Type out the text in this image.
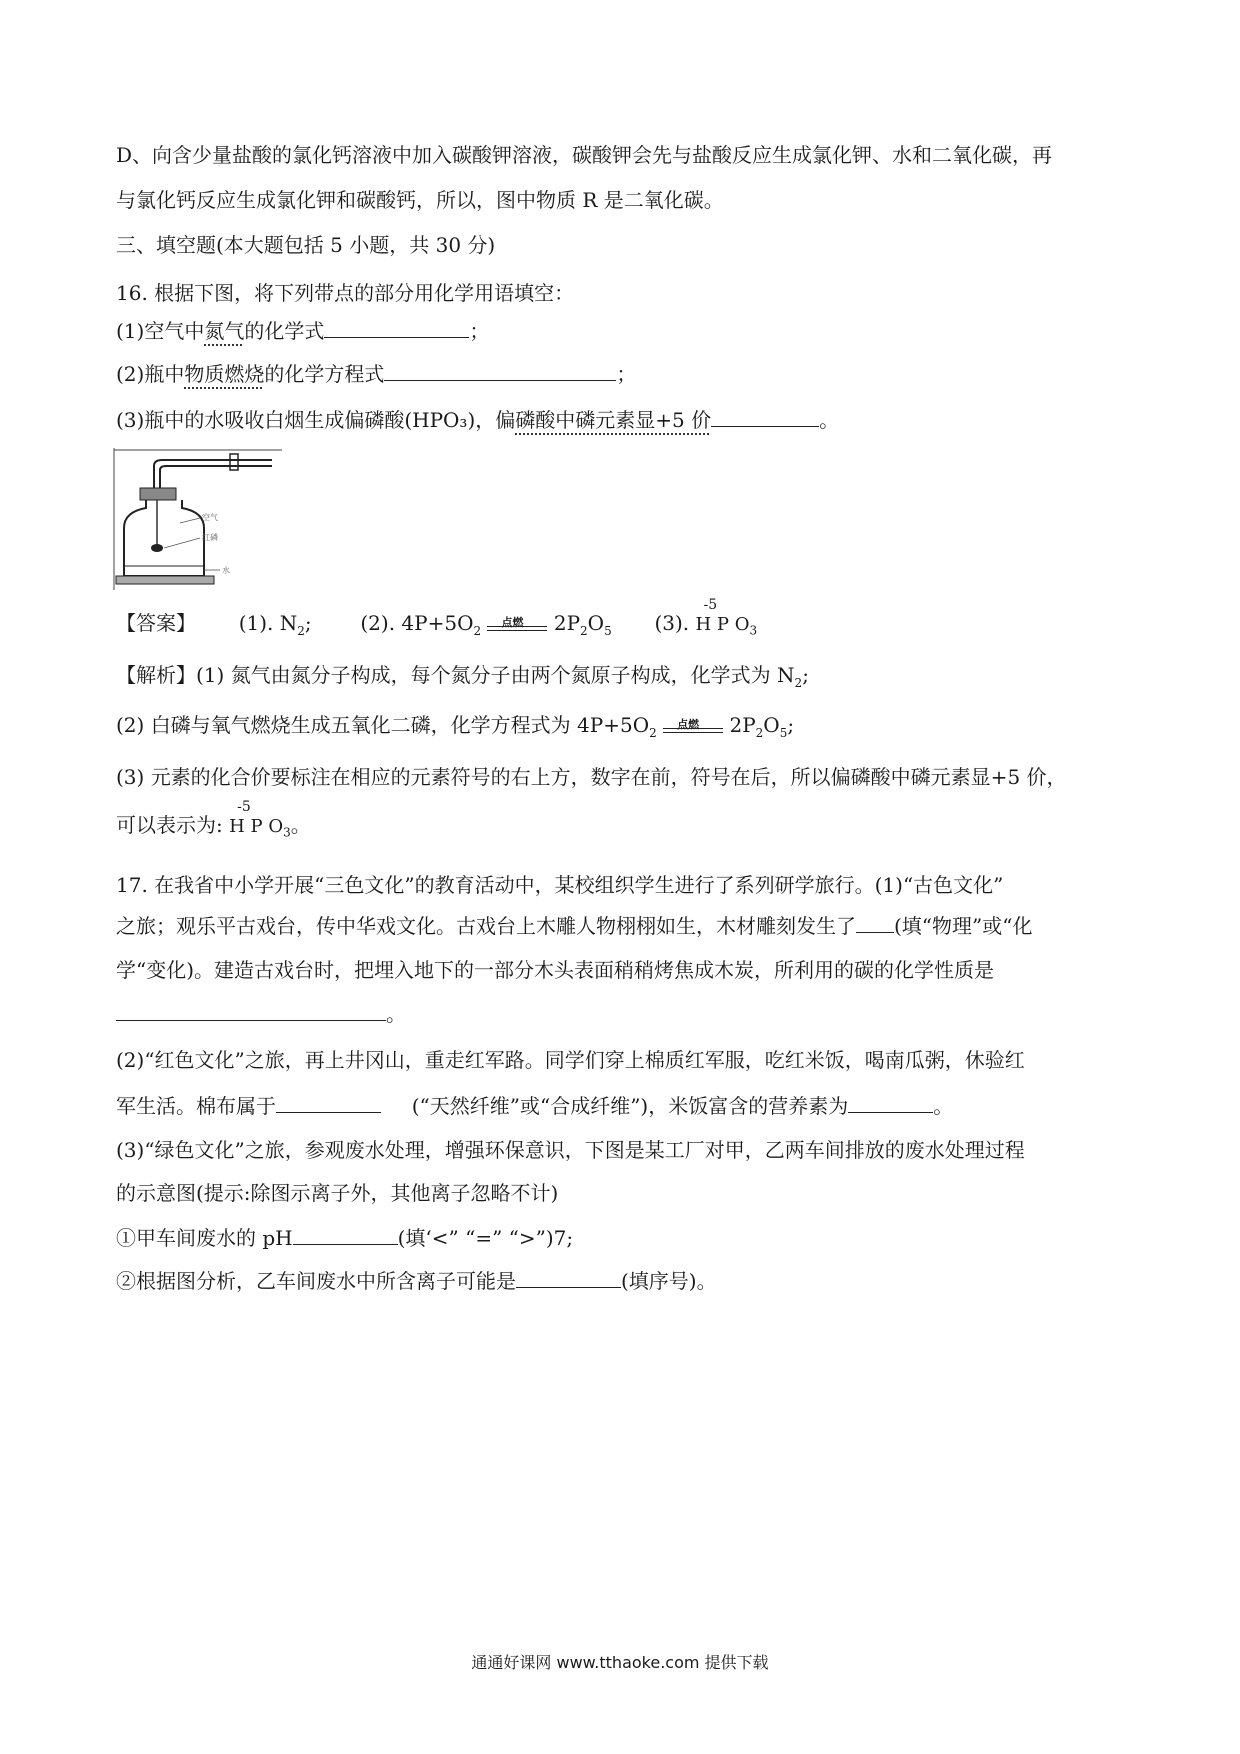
D、向含少量盐酸的氯化钙溶液中加入碳酸钾溶液，碳酸钾会先与盐酸反应生成氯化钾、水和二氧化碳，再
与氯化钙反应生成氯化钾和碳酸钙，所以，图中物质 R 是二氧化碳。
三、填空题(本大题包括 5 小题，共 30 分)
16. 根据下图，将下列带点的部分用化学用语填空：
(1)空气中氮气的化学式	；
(2)瓶中物质燃烧的化学方程式	；
(3)瓶中的水吸收白烟生成偏磷酸(HPO₃)，偏磷酸中磷元素显+5 价	。
空气
红磷
水
【答案】 (1). $N_2$; (2). $4P+5O_2$
点燃 $2P_2O_5$ (3).
-5
H P $O_3$
【解析】(1) 氮气由氮分子构成，每个氮分子由两个氮原子构成，化学式为 $N_2$;
(2) 白磷与氧气燃烧生成五氧化二磷，化学方程式为 $4P+5O_2$
点燃 $2P_2O_5$;
(3) 元素的化合价要标注在相应的元素符号的右上方，数字在前，符号在后，所以偏磷酸中磷元素显+5 价，
可以表示为:
-5
H P $O_3$。
17. 在我省中小学开展“三色文化”的教育活动中，某校组织学生进行了系列研学旅行。(1)“古色文化”
之旅；观乐平古戏台，传中华戏文化。古戏台上木雕人物栩栩如生，木材雕刻发生了 (填“物理”或“化
学“变化)。建造古戏台时，把埋入地下的一部分木头表面稍稍烤焦成木炭，所利用的碳的化学性质是
。
(2)“红色文化”之旅，再上井冈山，重走红军路。同学们穿上棉质红军服，吃红米饭，喝南瓜粥，休验红
军生活。棉布属于	(“天然纤维”或“合成纤维”)，米饭富含的营养素为	。
(3)“绿色文化”之旅，参观废水处理，增强环保意识，下图是某工厂对甲，乙两车间排放的废水处理过程
的示意图(提示:除图示离子外，其他离子忽略不计)
①甲车间废水的 pH	(填‘<” “=” “>”)7;
②根据图分析，乙车间废水中所含离子可能是	(填序号)。
通通好课网 www.tthaoke.com 提供下载
